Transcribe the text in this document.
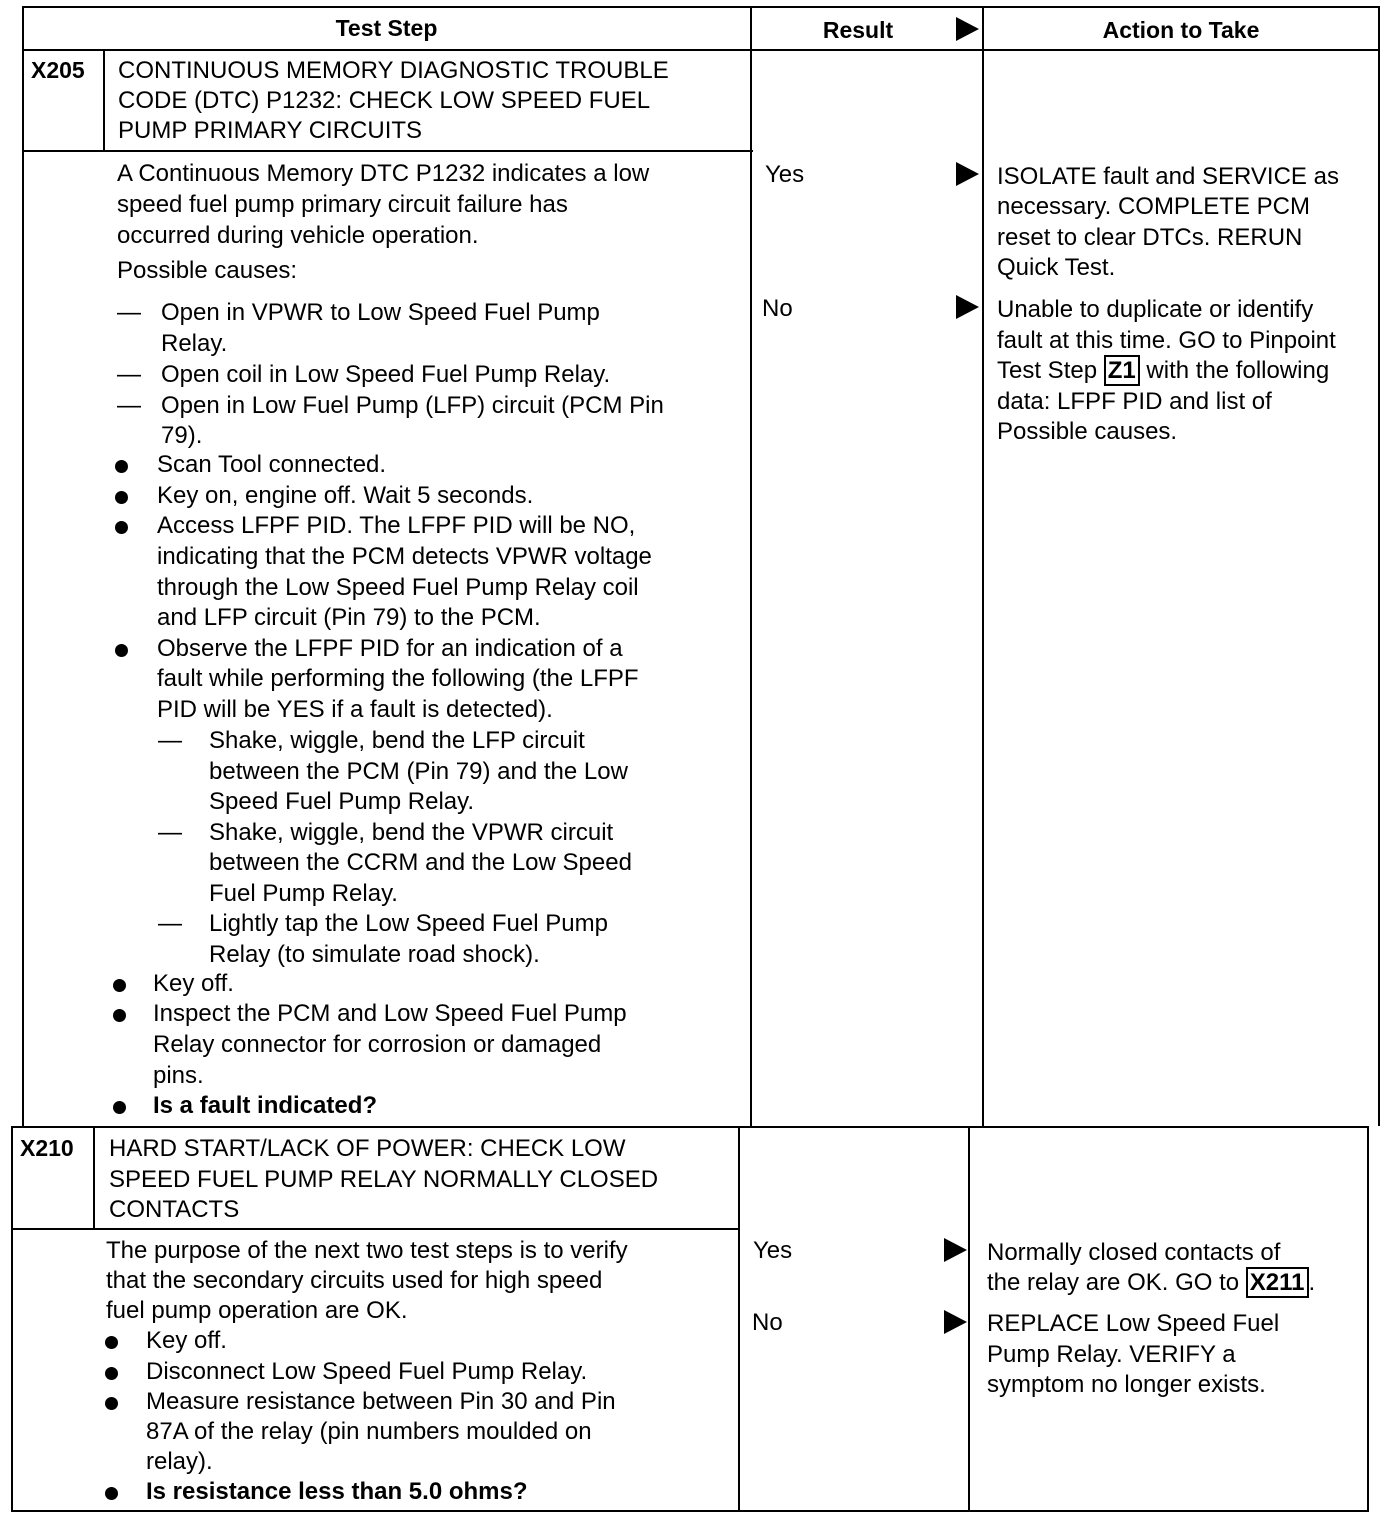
Test Step	Result	Action to Take
X205 CONTINUOUS MEMORY DIAGNOSTIC TROUBLE
CODE (DTC) P1232: CHECK LOW SPEED FUEL
PUMP PRIMARY CIRCUITS
A Continuous Memory DTC P1232 indicates a low
speed fuel pump primary circuit failure has
occurred during vehicle operation.
Possible causes:
— Open in VPWR to Low Speed Fuel Pump
Relay.
— Open coil in Low Speed Fuel Pump Relay.
— Open in Low Fuel Pump (LFP) circuit (PCM Pin
79).
Scan Tool connected.
Key on, engine off. Wait 5 seconds.
Access LFPF PID. The LFPF PID will be NO,
indicating that the PCM detects VPWR voltage
through the Low Speed Fuel Pump Relay coil
and LFP circuit (Pin 79) to the PCM.
Observe the LFPF PID for an indication of a
fault while performing the following (the LFPF
PID will be YES if a fault is detected).
— Shake, wiggle, bend the LFP circuit
between the PCM (Pin 79) and the Low
Speed Fuel Pump Relay.
— Shake, wiggle, bend the VPWR circuit
between the CCRM and the Low Speed
Fuel Pump Relay.
— Lightly tap the Low Speed Fuel Pump
Relay (to simulate road shock).
Key off.
Inspect the PCM and Low Speed Fuel Pump
Relay connector for corrosion or damaged
pins.
Is a fault indicated?
Yes
No
ISOLATE fault and SERVICE as
necessary. COMPLETE PCM
reset to clear DTCs. RERUN
Quick Test.
Unable to duplicate or identify
fault at this time. GO to Pinpoint
Test Step Z1 with the following
data: LFPF PID and list of
Possible causes.
X210 HARD START/LACK OF POWER: CHECK LOW
SPEED FUEL PUMP RELAY NORMALLY CLOSED
CONTACTS
The purpose of the next two test steps is to verify
that the secondary circuits used for high speed
fuel pump operation are OK.
Key off.
Disconnect Low Speed Fuel Pump Relay.
Measure resistance between Pin 30 and Pin
87A of the relay (pin numbers moulded on
relay).
Is resistance less than 5.0 ohms?
Yes
No
Normally closed contacts of
the relay are OK. GO to X211 .
REPLACE Low Speed Fuel
Pump Relay. VERIFY a
symptom no longer exists.
